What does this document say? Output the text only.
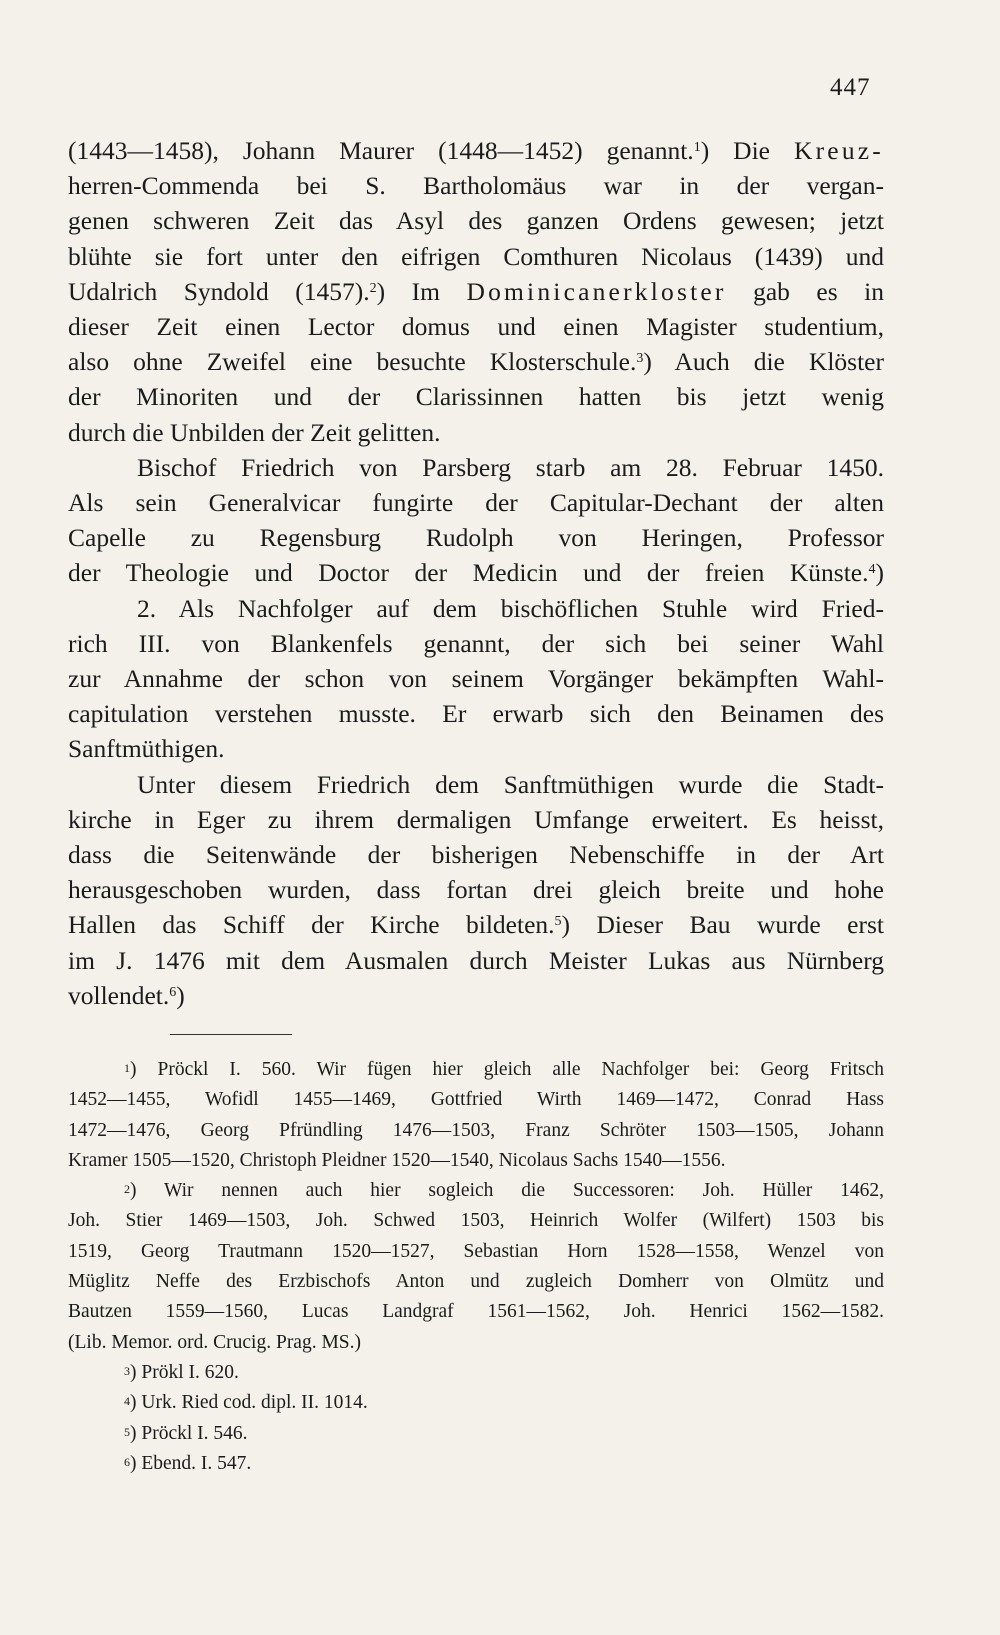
447
(1443—1458), Johann Maurer (1448—1452) genannt.$^1$) Die Kreuz-
herren-Commenda bei S. Bartholomäus war in der vergan-
genen schweren Zeit das Asyl des ganzen Ordens gewesen; jetzt
blühte sie fort unter den eifrigen Comthuren Nicolaus (1439) und
Udalrich Syndold (1457).$^2$) Im Dominicanerkloster gab es in
dieser Zeit einen Lector domus und einen Magister studentium,
also ohne Zweifel eine besuchte Klosterschule.$^3$) Auch die Klöster
der Minoriten und der Clarissinnen hatten bis jetzt wenig
durch die Unbilden der Zeit gelitten.
Bischof Friedrich von Parsberg starb am 28. Februar 1450.
Als sein Generalvicar fungirte der Capitular-Dechant der alten
Capelle zu Regensburg Rudolph von Heringen, Professor
der Theologie und Doctor der Medicin und der freien Künste.$^4$)
2. Als Nachfolger auf dem bischöflichen Stuhle wird Fried-
rich III. von Blankenfels genannt, der sich bei seiner Wahl
zur Annahme der schon von seinem Vorgänger bekämpften Wahl-
capitulation verstehen musste. Er erwarb sich den Beinamen des
Sanftmüthigen.
Unter diesem Friedrich dem Sanftmüthigen wurde die Stadt-
kirche in Eger zu ihrem dermaligen Umfange erweitert. Es heisst,
dass die Seitenwände der bisherigen Nebenschiffe in der Art
herausgeschoben wurden, dass fortan drei gleich breite und hohe
Hallen das Schiff der Kirche bildeten.$^5$) Dieser Bau wurde erst
im J. 1476 mit dem Ausmalen durch Meister Lukas aus Nürnberg
vollendet.$^6$)
$^1$) Pröckl I. 560. Wir fügen hier gleich alle Nachfolger bei: Georg Fritsch
1452—1455, Wofidl 1455—1469, Gottfried Wirth 1469—1472, Conrad Hass
1472—1476, Georg Pfründling 1476—1503, Franz Schröter 1503—1505, Johann
Kramer 1505—1520, Christoph Pleidner 1520—1540, Nicolaus Sachs 1540—1556.
$^2$) Wir nennen auch hier sogleich die Successoren: Joh. Hüller 1462,
Joh. Stier 1469—1503, Joh. Schwed 1503, Heinrich Wolfer (Wilfert) 1503 bis
1519, Georg Trautmann 1520—1527, Sebastian Horn 1528—1558, Wenzel von
Müglitz Neffe des Erzbischofs Anton und zugleich Domherr von Olmütz und
Bautzen 1559—1560, Lucas Landgraf 1561—1562, Joh. Henrici 1562—1582.
(Lib. Memor. ord. Crucig. Prag. MS.)
$^3$) Prökl I. 620.
$^4$) Urk. Ried cod. dipl. II. 1014.
$^5$) Pröckl I. 546.
$^6$) Ebend. I. 547.
